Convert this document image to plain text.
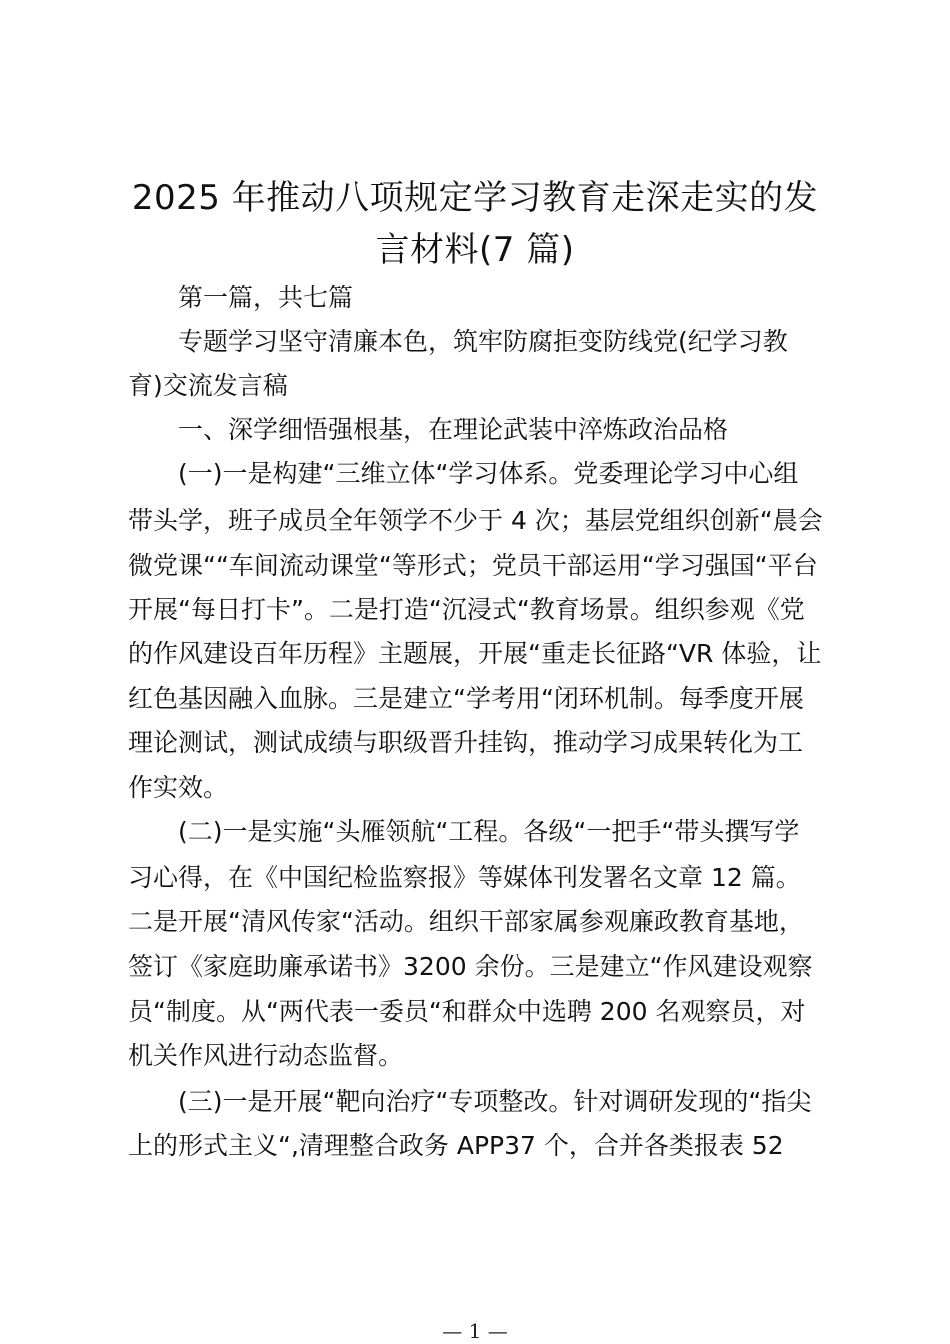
2025 年推动八项规定学习教育走深走实的发
言材料(7 篇)
第一篇，共七篇
专题学习坚守清廉本色，筑牢防腐拒变防线党(纪学习教
育)交流发言稿
一、深学细悟强根基，在理论武装中淬炼政治品格
(一)一是构建“三维立体“学习体系。党委理论学习中心组
带头学，班子成员全年领学不少于 4 次；基层党组织创新“晨会
微党课““车间流动课堂“等形式；党员干部运用“学习强国“平台
开展“每日打卡”。二是打造“沉浸式“教育场景。组织参观《党
的作风建设百年历程》主题展，开展“重走长征路“VR 体验，让
红色基因融入血脉。三是建立“学考用“闭环机制。每季度开展
理论测试，测试成绩与职级晋升挂钩，推动学习成果转化为工
作实效。
(二)一是实施“头雁领航“工程。各级“一把手“带头撰写学
习心得，在《中国纪检监察报》等媒体刊发署名文章 12 篇。
二是开展“清风传家“活动。组织干部家属参观廉政教育基地，
签订《家庭助廉承诺书》3200 余份。三是建立“作风建设观察
员“制度。从“两代表一委员“和群众中选聘 200 名观察员，对
机关作风进行动态监督。
(三)一是开展“靶向治疗“专项整改。针对调研发现的“指尖
上的形式主义“,清理整合政务 APP37 个，合并各类报表 52
— 1 —
